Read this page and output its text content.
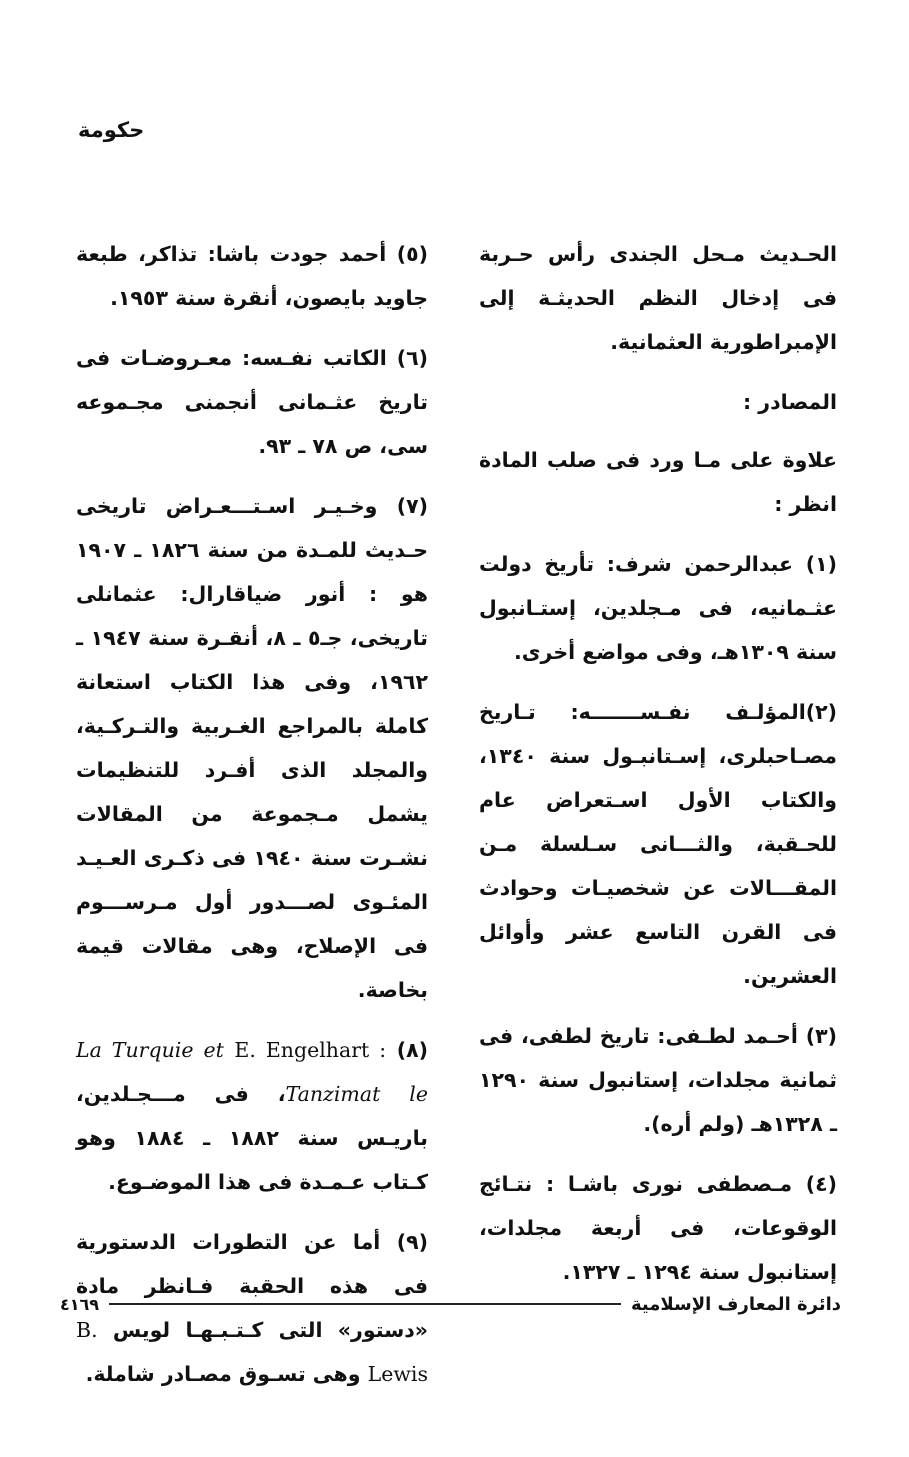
حكومة

الحـديث مـحل الجندى رأس حـربة فى إدخال النظم الحديثـة إلى الإمبراطورية العثمانية.

المصادر :

علاوة على مـا ورد فى صلب المادة انظر :

(١) عبدالرحمن شرف: تأريخ دولت عثـمانيه، فى مـجلدين، إستـانبول سنة ١٣٠٩هـ، وفى مواضع أخرى.

(٢)المؤلـف نفـســـــــه: تـاريخ مصـاحبلرى، إسـتانبـول سنة ١٣٤٠، والكتاب الأول اسـتعراض عام للحـقبة، والثـــانى سـلسلة مـن المقـــالات عن شخصيـات وحوادث فى القرن التاسع عشر وأوائل العشرين.

(٣) أحـمد لطـفى: تاريخ لطفى، فى ثمانية مجلدات، إستانبول سنة ١٢٩٠ ـ ١٣٢٨هـ (ولم أره).

(٤) مـصطفى نورى باشـا : نتـائج الوقوعات، فى أربعة مجلدات، إستانبول سنة ١٢٩٤ ـ ١٣٢٧.

(٥) أحمد جودت باشا: تذاكر، طبعة جاويد بايصون، أنقرة سنة ١٩٥٣.

(٦) الكاتب نفـسه: معـروضـات فى تاريخ عثـمانى أنجمنى مجـموعه سى، ص ٧٨ ـ ٩٣.

(٧) وخـيـر اسـتـــعـراض تاريخى حـديث للمـدة من سنة ١٨٢٦ ـ ١٩٠٧ هو : أنور ضياقارال: عثمانلى تاريخى، جـ٥ ـ ٨، أنقـرة سنة ١٩٤٧ ـ ١٩٦٢، وفى هذا الكتاب استعانة كاملة بالمراجع الغـربية والتـركـية، والمجلد الذى أفـرد للتنظيمات يشمل مـجموعة من المقالات نشـرت سنة ١٩٤٠ فى ذكـرى العـيـد المئـوى لصـــدور أول مـرســـوم فى الإصلاح، وهى مقالات قيمة بخاصة.

(٨) E. Engelhart : La Turquie et le Tanzimat، فى مـــجـلدين، باريـس سنة ١٨٨٢ ـ ١٨٨٤ وهو كـتاب عـمـدة فى هذا الموضـوع.

(٩) أما عن التطورات الدستورية فى هذه الحقبة فـانظر مادة «دستور» التى كـتـبـهـا لويس B. Lewis وهى تسـوق مصـادر شاملة.

دائرة المعارف الإسلامية
٤١٦٩
